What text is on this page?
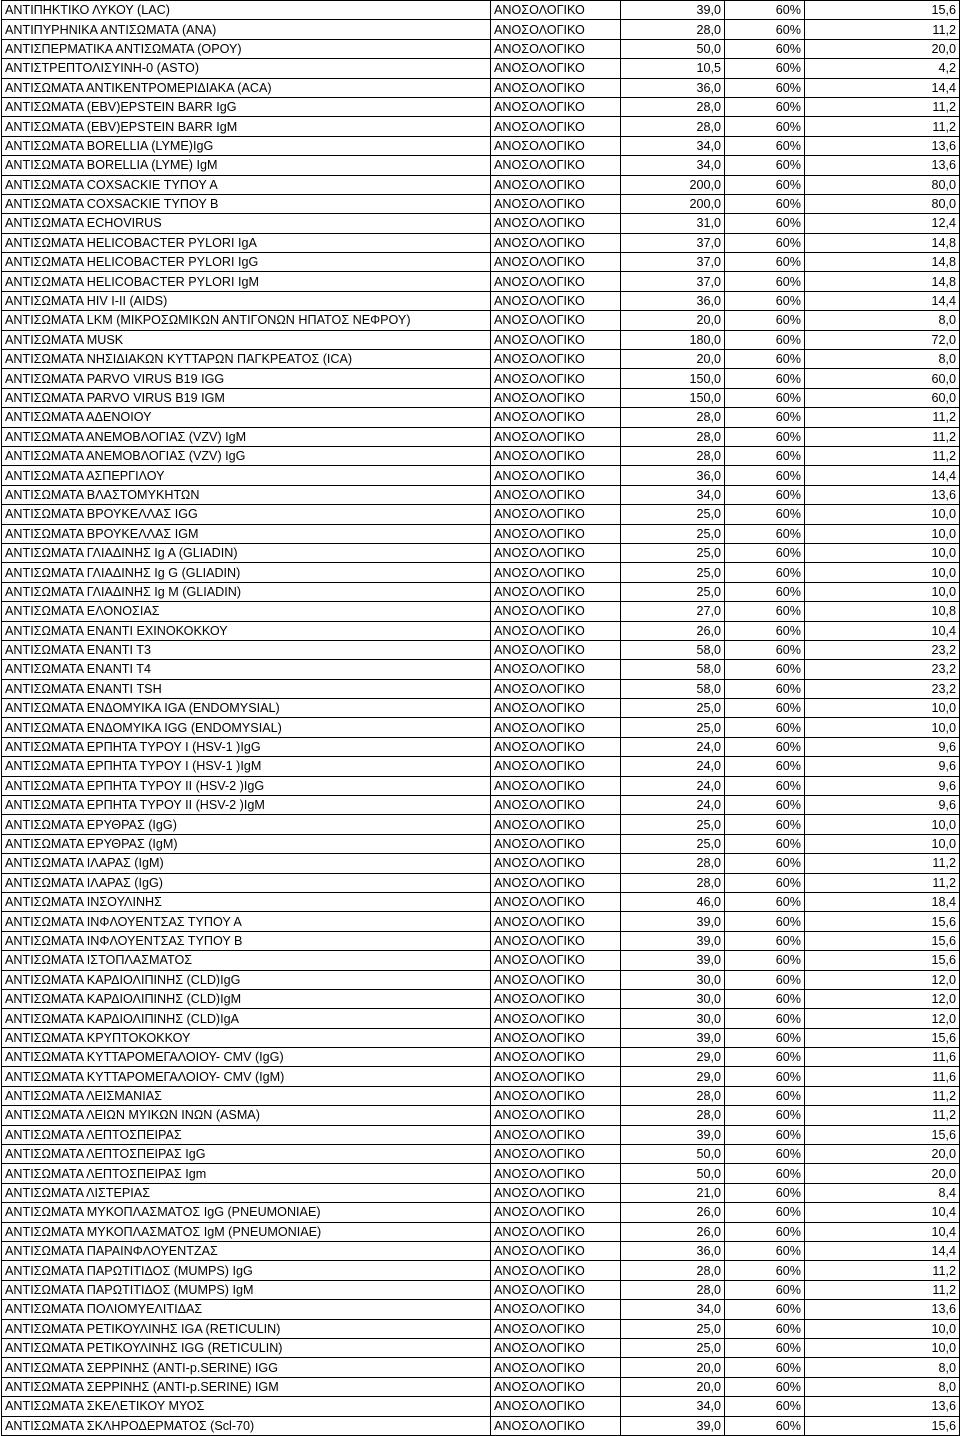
ΑΝΤΙΠΗΚΤΙΚΟ ΛΥΚΟΥ (LAC)	ΑΝΟΣΟΛΟΓΙΚΟ	39,0	60%	15,6
ΑΝΤΙΠΥΡΗΝΙΚΑ ΑΝΤΙΣΩΜΑΤΑ (ANA)	ΑΝΟΣΟΛΟΓΙΚΟ	28,0	60%	11,2
ΑΝΤΙΣΠΕΡΜΑΤΙΚΑ ΑΝΤΙΣΩΜΑΤΑ (ΟΡΟΥ)	ΑΝΟΣΟΛΟΓΙΚΟ	50,0	60%	20,0
ΑΝΤΙΣΤΡΕΠΤΟΛΙΣΥΙΝΗ-0 (ASTO)	ΑΝΟΣΟΛΟΓΙΚΟ	10,5	60%	4,2
ΑΝΤΙΣΩΜΑΤΑ ΑΝΤΙΚΕΝΤΡΟΜΕΡΙΔΙΑΚΑ (ACA)	ΑΝΟΣΟΛΟΓΙΚΟ	36,0	60%	14,4
ΑΝΤΙΣΩΜΑΤΑ (EBV)EPSTEIN BARR IgG	ΑΝΟΣΟΛΟΓΙΚΟ	28,0	60%	11,2
ΑΝΤΙΣΩΜΑΤΑ (EBV)EPSTEIN BARR IgM	ΑΝΟΣΟΛΟΓΙΚΟ	28,0	60%	11,2
ΑΝΤΙΣΩΜΑΤΑ BORELLIA (LYME)IgG	ΑΝΟΣΟΛΟΓΙΚΟ	34,0	60%	13,6
ΑΝΤΙΣΩΜΑΤΑ BORELLIA (LYME) IgM	ΑΝΟΣΟΛΟΓΙΚΟ	34,0	60%	13,6
ΑΝΤΙΣΩΜΑΤΑ COXSACKIE ΤΥΠΟΥ Α	ΑΝΟΣΟΛΟΓΙΚΟ	200,0	60%	80,0
ΑΝΤΙΣΩΜΑΤΑ COXSACKIE ΤΥΠΟΥ Β	ΑΝΟΣΟΛΟΓΙΚΟ	200,0	60%	80,0
ΑΝΤΙΣΩΜΑΤΑ ECHOVIRUS	ΑΝΟΣΟΛΟΓΙΚΟ	31,0	60%	12,4
ΑΝΤΙΣΩΜΑΤΑ HELICOBACTER PYLORI IgA	ΑΝΟΣΟΛΟΓΙΚΟ	37,0	60%	14,8
ΑΝΤΙΣΩΜΑΤΑ HELICOBACTER PYLORI IgG	ΑΝΟΣΟΛΟΓΙΚΟ	37,0	60%	14,8
ΑΝΤΙΣΩΜΑΤΑ HELICOBACTER PYLORI IgM	ΑΝΟΣΟΛΟΓΙΚΟ	37,0	60%	14,8
ΑΝΤΙΣΩΜΑΤΑ HIV I-II (AIDS)	ΑΝΟΣΟΛΟΓΙΚΟ	36,0	60%	14,4
ΑΝΤΙΣΩΜΑΤΑ LKM (ΜΙΚΡΟΣΩΜΙΚΩΝ ΑΝΤΙΓΟΝΩΝ ΗΠΑΤΟΣ ΝΕΦΡΟΥ)	ΑΝΟΣΟΛΟΓΙΚΟ	20,0	60%	8,0
ΑΝΤΙΣΩΜΑΤΑ MUSK	ΑΝΟΣΟΛΟΓΙΚΟ	180,0	60%	72,0
ΑΝΤΙΣΩΜΑΤΑ ΝΗΣΙΔΙΑΚΩΝ ΚΥΤΤΑΡΩΝ ΠΑΓΚΡΕΑΤΟΣ (ICA)	ΑΝΟΣΟΛΟΓΙΚΟ	20,0	60%	8,0
ΑΝΤΙΣΩΜΑΤΑ PARVO VIRUS B19 IGG	ΑΝΟΣΟΛΟΓΙΚΟ	150,0	60%	60,0
ΑΝΤΙΣΩΜΑΤΑ PARVO VIRUS B19 IGM	ΑΝΟΣΟΛΟΓΙΚΟ	150,0	60%	60,0
ΑΝΤΙΣΩΜΑΤΑ ΑΔΕΝΟΙΟΥ	ΑΝΟΣΟΛΟΓΙΚΟ	28,0	60%	11,2
ΑΝΤΙΣΩΜΑΤΑ ΑΝΕΜΟΒΛΟΓΙΑΣ (VZV) IgM	ΑΝΟΣΟΛΟΓΙΚΟ	28,0	60%	11,2
ΑΝΤΙΣΩΜΑΤΑ ΑΝΕΜΟΒΛΟΓΙΑΣ (VZV) IgG	ΑΝΟΣΟΛΟΓΙΚΟ	28,0	60%	11,2
ΑΝΤΙΣΩΜΑΤΑ ΑΣΠΕΡΓΙΛΟΥ	ΑΝΟΣΟΛΟΓΙΚΟ	36,0	60%	14,4
ΑΝΤΙΣΩΜΑΤΑ ΒΛΑΣΤΟΜΥΚΗΤΩΝ	ΑΝΟΣΟΛΟΓΙΚΟ	34,0	60%	13,6
ΑΝΤΙΣΩΜΑΤΑ ΒΡΟΥΚΕΛΛΑΣ IGG	ΑΝΟΣΟΛΟΓΙΚΟ	25,0	60%	10,0
ΑΝΤΙΣΩΜΑΤΑ ΒΡΟΥΚΕΛΛΑΣ IGM	ΑΝΟΣΟΛΟΓΙΚΟ	25,0	60%	10,0
ΑΝΤΙΣΩΜΑΤΑ ΓΛΙΑΔΙΝΗΣ Ig A (GLIADIN)	ΑΝΟΣΟΛΟΓΙΚΟ	25,0	60%	10,0
ΑΝΤΙΣΩΜΑΤΑ ΓΛΙΑΔΙΝΗΣ Ig G (GLIADIN)	ΑΝΟΣΟΛΟΓΙΚΟ	25,0	60%	10,0
ΑΝΤΙΣΩΜΑΤΑ ΓΛΙΑΔΙΝΗΣ Ig M (GLIADIN)	ΑΝΟΣΟΛΟΓΙΚΟ	25,0	60%	10,0
ΑΝΤΙΣΩΜΑΤΑ ΕΛΟΝΟΣΙΑΣ	ΑΝΟΣΟΛΟΓΙΚΟ	27,0	60%	10,8
ΑΝΤΙΣΩΜΑΤΑ ΕΝΑΝΤΙ ΕΧΙΝΟΚΟΚΚΟΥ	ΑΝΟΣΟΛΟΓΙΚΟ	26,0	60%	10,4
ΑΝΤΙΣΩΜΑΤΑ ΕΝΑΝΤΙ Τ3	ΑΝΟΣΟΛΟΓΙΚΟ	58,0	60%	23,2
ΑΝΤΙΣΩΜΑΤΑ ΕΝΑΝΤΙ Τ4	ΑΝΟΣΟΛΟΓΙΚΟ	58,0	60%	23,2
ΑΝΤΙΣΩΜΑΤΑ ΕΝΑΝΤΙ TSH	ΑΝΟΣΟΛΟΓΙΚΟ	58,0	60%	23,2
ΑΝΤΙΣΩΜΑΤΑ ΕΝΔΟΜΥΙΚΑ IGA (ENDOMYSIAL)	ΑΝΟΣΟΛΟΓΙΚΟ	25,0	60%	10,0
ΑΝΤΙΣΩΜΑΤΑ ΕΝΔΟΜΥΙΚΑ IGG (ENDOMYSIAL)	ΑΝΟΣΟΛΟΓΙΚΟ	25,0	60%	10,0
ΑΝΤΙΣΩΜΑΤΑ ΕΡΠΗΤΑ ΤΥΡΟΥ Ι (HSV-1 )IgG	ΑΝΟΣΟΛΟΓΙΚΟ	24,0	60%	9,6
ΑΝΤΙΣΩΜΑΤΑ ΕΡΠΗΤΑ ΤΥΡΟΥ Ι (HSV-1 )IgM	ΑΝΟΣΟΛΟΓΙΚΟ	24,0	60%	9,6
ΑΝΤΙΣΩΜΑΤΑ ΕΡΠΗΤΑ ΤΥΡΟΥ ΙΙ (HSV-2 )IgG	ΑΝΟΣΟΛΟΓΙΚΟ	24,0	60%	9,6
ΑΝΤΙΣΩΜΑΤΑ ΕΡΠΗΤΑ ΤΥΡΟΥ ΙΙ (HSV-2 )IgM	ΑΝΟΣΟΛΟΓΙΚΟ	24,0	60%	9,6
ΑΝΤΙΣΩΜΑΤΑ ΕΡΥΘΡΑΣ (IgG)	ΑΝΟΣΟΛΟΓΙΚΟ	25,0	60%	10,0
ΑΝΤΙΣΩΜΑΤΑ ΕΡΥΘΡΑΣ (IgM)	ΑΝΟΣΟΛΟΓΙΚΟ	25,0	60%	10,0
ΑΝΤΙΣΩΜΑΤΑ ΙΛΑΡΑΣ (IgM)	ΑΝΟΣΟΛΟΓΙΚΟ	28,0	60%	11,2
ΑΝΤΙΣΩΜΑΤΑ ΙΛΑΡΑΣ (IgG)	ΑΝΟΣΟΛΟΓΙΚΟ	28,0	60%	11,2
ΑΝΤΙΣΩΜΑΤΑ ΙΝΣΟΥΛΙΝΗΣ	ΑΝΟΣΟΛΟΓΙΚΟ	46,0	60%	18,4
ΑΝΤΙΣΩΜΑΤΑ ΙΝΦΛΟΥΕΝΤΣΑΣ ΤΥΠΟΥ Α	ΑΝΟΣΟΛΟΓΙΚΟ	39,0	60%	15,6
ΑΝΤΙΣΩΜΑΤΑ ΙΝΦΛΟΥΕΝΤΣΑΣ ΤΥΠΟΥ Β	ΑΝΟΣΟΛΟΓΙΚΟ	39,0	60%	15,6
ΑΝΤΙΣΩΜΑΤΑ ΙΣΤΟΠΛΑΣΜΑΤΟΣ	ΑΝΟΣΟΛΟΓΙΚΟ	39,0	60%	15,6
ΑΝΤΙΣΩΜΑΤΑ ΚΑΡΔΙΟΛΙΠΙΝΗΣ (CLD)IgG	ΑΝΟΣΟΛΟΓΙΚΟ	30,0	60%	12,0
ΑΝΤΙΣΩΜΑΤΑ ΚΑΡΔΙΟΛΙΠΙΝΗΣ (CLD)IgM	ΑΝΟΣΟΛΟΓΙΚΟ	30,0	60%	12,0
ΑΝΤΙΣΩΜΑΤΑ ΚΑΡΔΙΟΛΙΠΙΝΗΣ (CLD)IgA	ΑΝΟΣΟΛΟΓΙΚΟ	30,0	60%	12,0
ΑΝΤΙΣΩΜΑΤΑ ΚΡΥΠΤΟΚΟΚΚΟΥ	ΑΝΟΣΟΛΟΓΙΚΟ	39,0	60%	15,6
ΑΝΤΙΣΩΜΑΤΑ ΚΥΤΤΑΡΟΜΕΓΑΛΟΙΟΥ- CMV (IgG)	ΑΝΟΣΟΛΟΓΙΚΟ	29,0	60%	11,6
ΑΝΤΙΣΩΜΑΤΑ ΚΥΤΤΑΡΟΜΕΓΑΛΟΙΟΥ- CMV (IgM)	ΑΝΟΣΟΛΟΓΙΚΟ	29,0	60%	11,6
ΑΝΤΙΣΩΜΑΤΑ ΛΕΙΣΜΑΝΙΑΣ	ΑΝΟΣΟΛΟΓΙΚΟ	28,0	60%	11,2
ΑΝΤΙΣΩΜΑΤΑ ΛΕΙΩΝ ΜΥΙΚΩΝ ΙΝΩΝ (ASMA)	ΑΝΟΣΟΛΟΓΙΚΟ	28,0	60%	11,2
ΑΝΤΙΣΩΜΑΤΑ ΛΕΠΤΟΣΠΕΙΡΑΣ	ΑΝΟΣΟΛΟΓΙΚΟ	39,0	60%	15,6
ΑΝΤΙΣΩΜΑΤΑ ΛΕΠΤΟΣΠΕΙΡΑΣ IgG	ΑΝΟΣΟΛΟΓΙΚΟ	50,0	60%	20,0
ΑΝΤΙΣΩΜΑΤΑ ΛΕΠΤΟΣΠΕΙΡΑΣ Igm	ΑΝΟΣΟΛΟΓΙΚΟ	50,0	60%	20,0
ΑΝΤΙΣΩΜΑΤΑ ΛΙΣΤΕΡΙΑΣ	ΑΝΟΣΟΛΟΓΙΚΟ	21,0	60%	8,4
ΑΝΤΙΣΩΜΑΤΑ ΜΥΚΟΠΛΑΣΜΑΤΟΣ IgG (PNEUMONIAE)	ΑΝΟΣΟΛΟΓΙΚΟ	26,0	60%	10,4
ΑΝΤΙΣΩΜΑΤΑ ΜΥΚΟΠΛΑΣΜΑΤΟΣ IgM (PNEUMONIAE)	ΑΝΟΣΟΛΟΓΙΚΟ	26,0	60%	10,4
ΑΝΤΙΣΩΜΑΤΑ ΠΑΡΑΙΝΦΛΟΥΕΝΤΖΑΣ	ΑΝΟΣΟΛΟΓΙΚΟ	36,0	60%	14,4
ΑΝΤΙΣΩΜΑΤΑ ΠΑΡΩΤΙΤΙΔΟΣ (MUMPS) IgG	ΑΝΟΣΟΛΟΓΙΚΟ	28,0	60%	11,2
ΑΝΤΙΣΩΜΑΤΑ ΠΑΡΩΤΙΤΙΔΟΣ (MUMPS) IgM	ΑΝΟΣΟΛΟΓΙΚΟ	28,0	60%	11,2
ΑΝΤΙΣΩΜΑΤΑ ΠΟΛΙΟΜΥΕΛΙΤΙΔΑΣ	ΑΝΟΣΟΛΟΓΙΚΟ	34,0	60%	13,6
ΑΝΤΙΣΩΜΑΤΑ ΡΕΤΙΚΟΥΛΙΝΗΣ IGA (RETICULIN)	ΑΝΟΣΟΛΟΓΙΚΟ	25,0	60%	10,0
ΑΝΤΙΣΩΜΑΤΑ ΡΕΤΙΚΟΥΛΙΝΗΣ IGG (RETICULIN)	ΑΝΟΣΟΛΟΓΙΚΟ	25,0	60%	10,0
ΑΝΤΙΣΩΜΑΤΑ ΣΕΡΡΙΝΗΣ (ANTI-p.SERINE) IGG	ΑΝΟΣΟΛΟΓΙΚΟ	20,0	60%	8,0
ΑΝΤΙΣΩΜΑΤΑ ΣΕΡΡΙΝΗΣ (ANTI-p.SERINE) IGM	ΑΝΟΣΟΛΟΓΙΚΟ	20,0	60%	8,0
ΑΝΤΙΣΩΜΑΤΑ ΣΚΕΛΕΤΙΚΟΥ ΜΥΟΣ	ΑΝΟΣΟΛΟΓΙΚΟ	34,0	60%	13,6
ΑΝΤΙΣΩΜΑΤΑ ΣΚΛΗΡΟΔΕΡΜΑΤΟΣ (Scl-70)	ΑΝΟΣΟΛΟΓΙΚΟ	39,0	60%	15,6
